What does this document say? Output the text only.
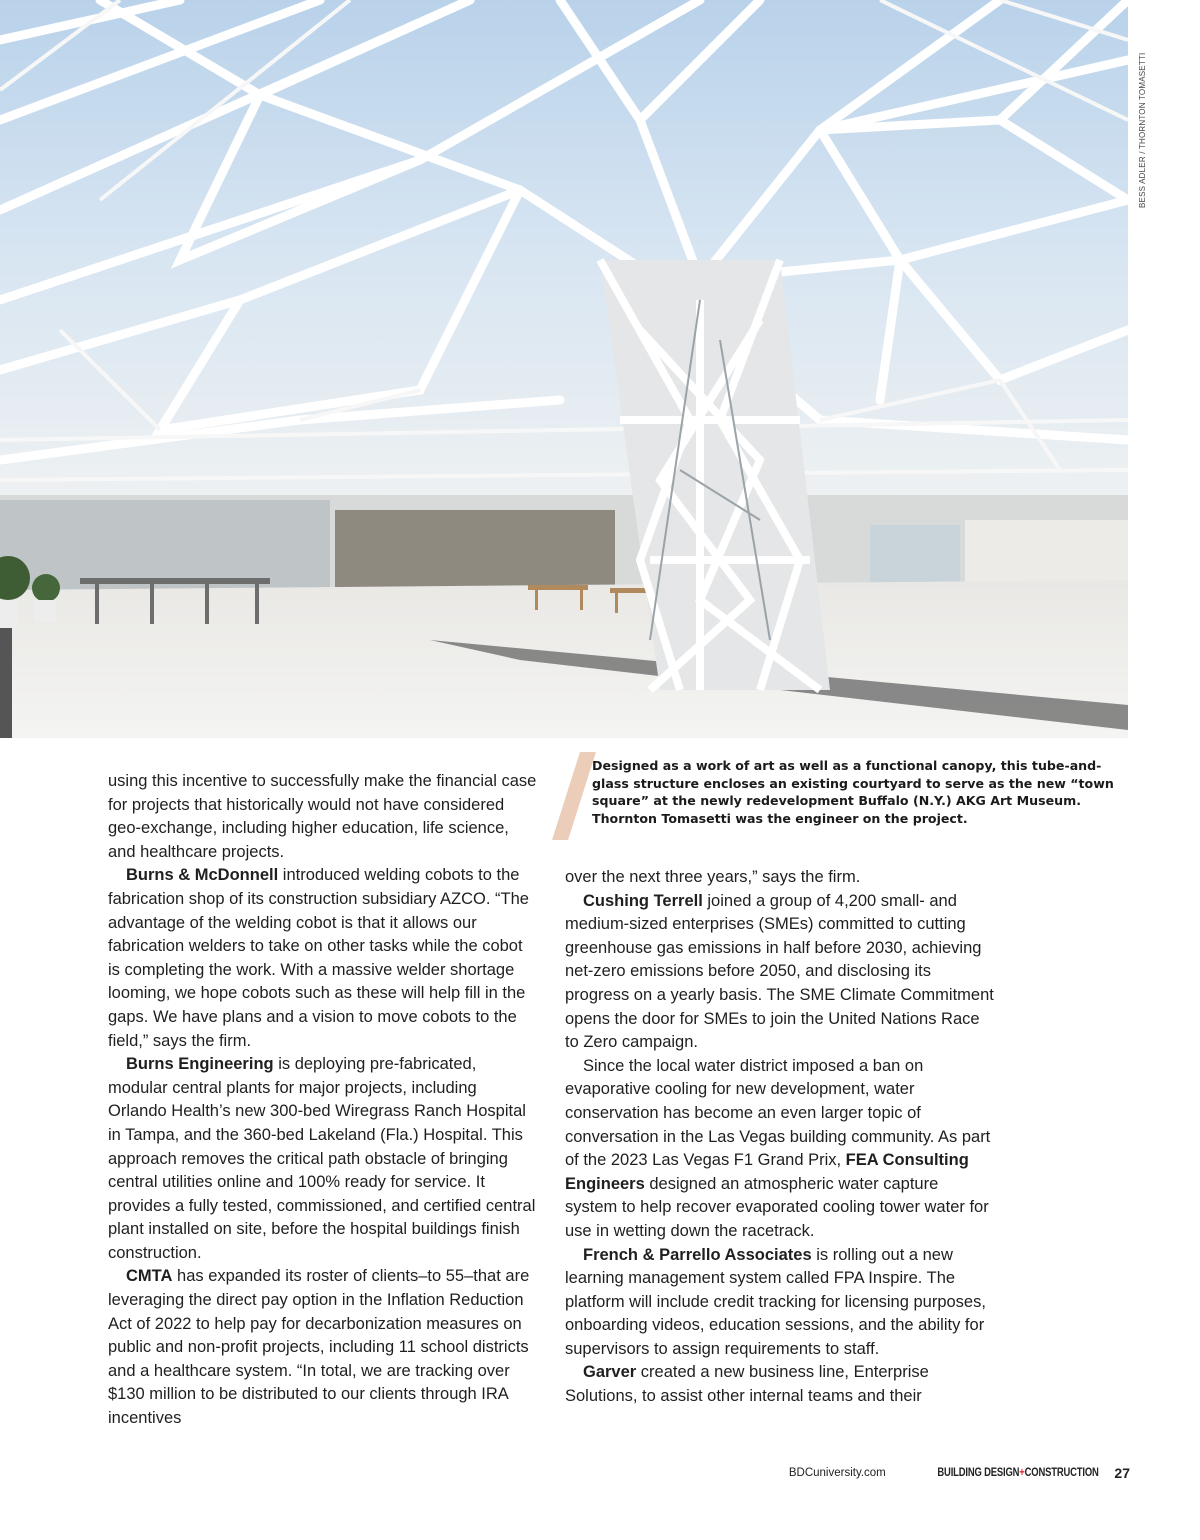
BESS ADLER / THORNTON TOMASETTI
Designed as a work of art as well as a functional canopy, this tube-and-glass structure encloses an existing courtyard to serve as the new “town square” at the newly redevelopment Buffalo (N.Y.) AKG Art Museum. Thornton Tomasetti was the engineer on the project.

using this incentive to successfully make the financial case for projects that historically would not have considered geo-exchange, including higher education, life science, and healthcare projects.

Burns & McDonnell introduced welding cobots to the fabrication shop of its construction subsidiary AZCO. “The advantage of the welding cobot is that it allows our fabrication welders to take on other tasks while the cobot is completing the work. With a massive welder shortage looming, we hope cobots such as these will help fill in the gaps. We have plans and a vision to move cobots to the field,” says the firm.

Burns Engineering is deploying pre-fabricated, modular central plants for major projects, including Orlando Health’s new 300-bed Wiregrass Ranch Hospital in Tampa, and the 360-bed Lakeland (Fla.) Hospital. This approach removes the critical path obstacle of bringing central utilities online and 100% ready for service. It provides a fully tested, commissioned, and certified central plant installed on site, before the hospital buildings finish construction.

CMTA has expanded its roster of clients–to 55–that are leveraging the direct pay option in the Inflation Reduction Act of 2022 to help pay for decarbonization measures on public and non-profit projects, including 11 school districts and a healthcare system. “In total, we are tracking over $130 million to be distributed to our clients through IRA incentives

over the next three years,” says the firm.

Cushing Terrell joined a group of 4,200 small- and medium-sized enterprises (SMEs) committed to cutting greenhouse gas emissions in half before 2030, achieving net-zero emissions before 2050, and disclosing its progress on a yearly basis. The SME Climate Commitment opens the door for SMEs to join the United Nations Race to Zero campaign.

Since the local water district imposed a ban on evaporative cooling for new development, water conservation has become an even larger topic of conversation in the Las Vegas building community. As part of the 2023 Las Vegas F1 Grand Prix, FEA Consulting Engineers designed an atmospheric water capture system to help recover evaporated cooling tower water for use in wetting down the racetrack.

French & Parrello Associates is rolling out a new learning management system called FPA Inspire. The platform will include credit tracking for licensing purposes, onboarding videos, education sessions, and the ability for supervisors to assign requirements to staff.

Garver created a new business line, Enterprise Solutions, to assist other internal teams and their

BDCuniversity.com	BUILDING DESIGN+CONSTRUCTION 27
